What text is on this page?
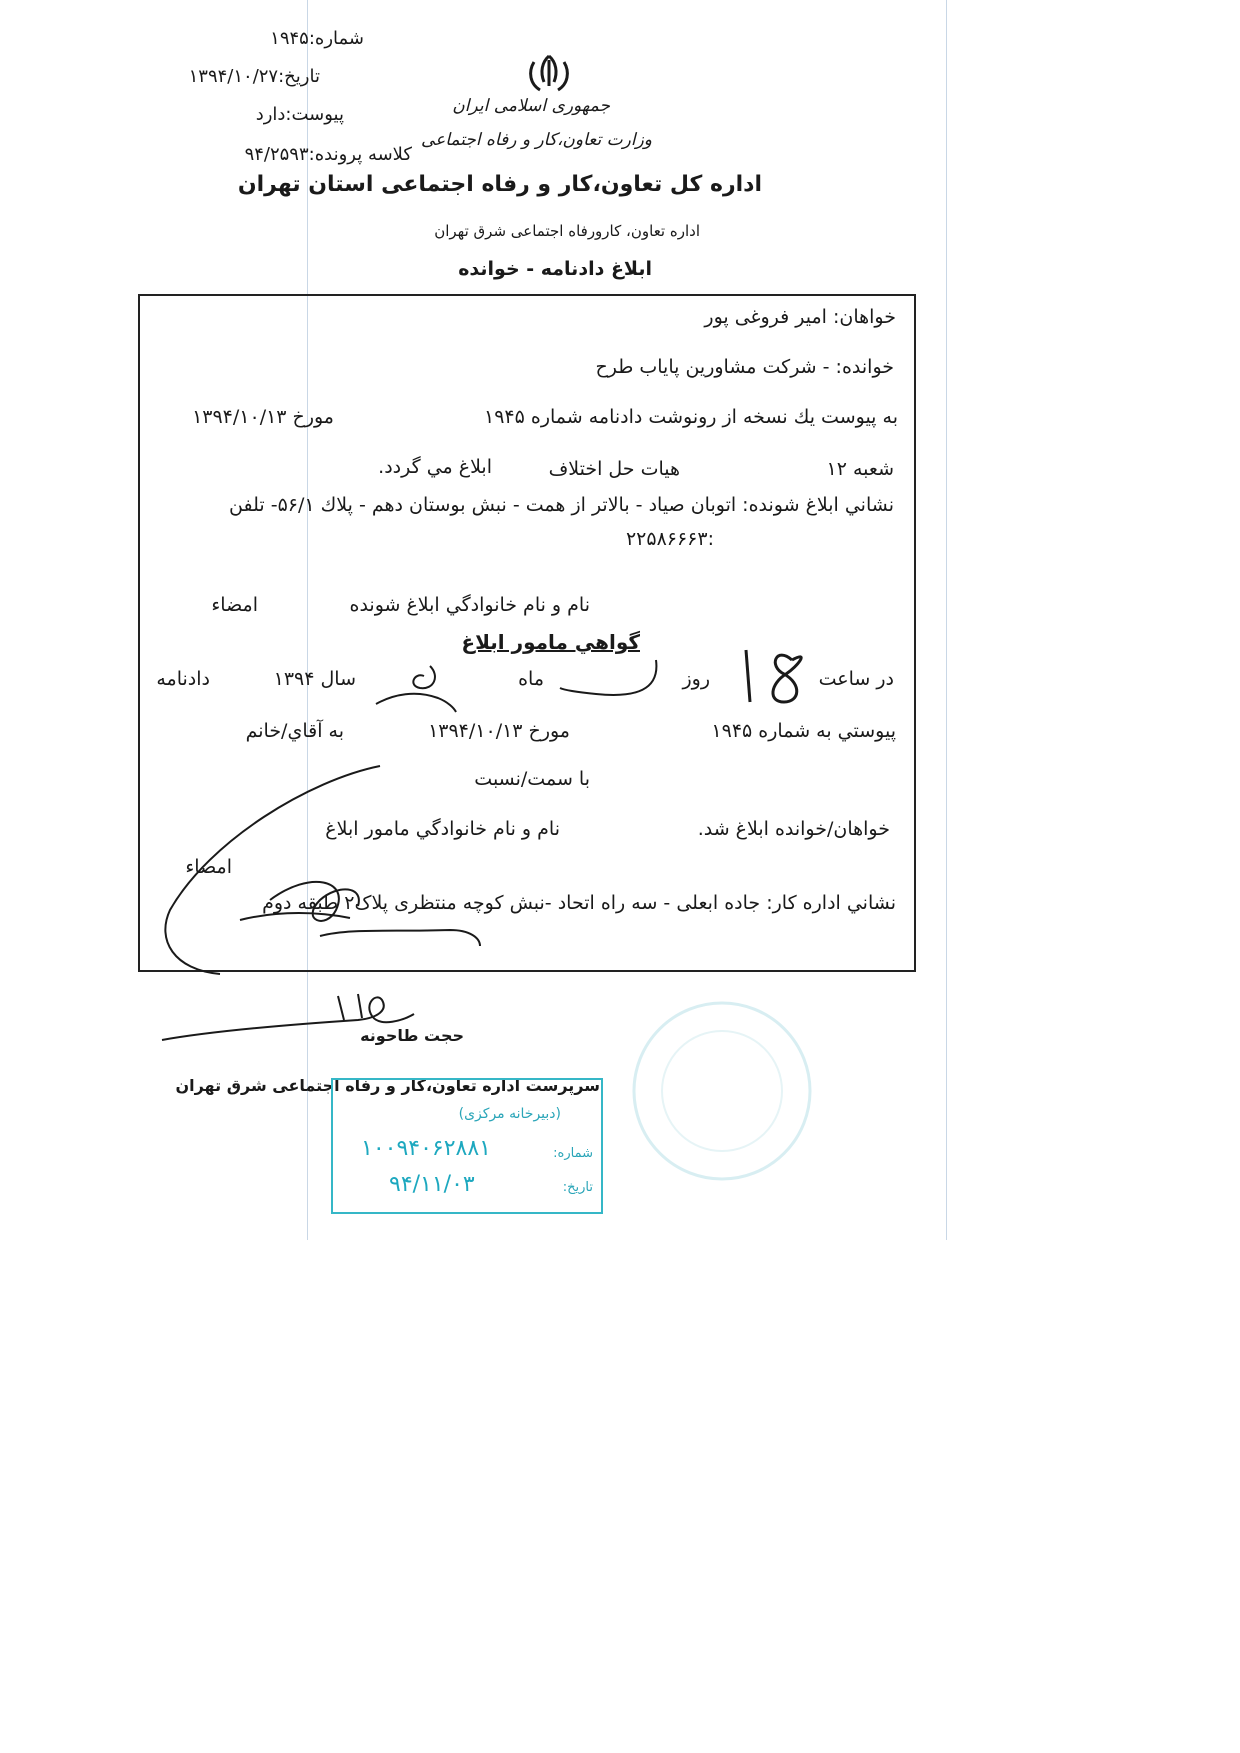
شماره:۱۹۴۵
تاریخ:۱۳۹۴/۱۰/۲۷
پیوست:دارد
کلاسه پرونده:۹۴/۲۵۹۳
جمهوری اسلامی ایران
وزارت تعاون،کار و رفاه اجتماعی
اداره کل تعاون،کار و رفاه اجتماعی استان تهران
اداره تعاون، کارورفاه اجتماعی شرق تهران
ابلاغ دادنامه - خوانده
خواهان: امیر فروغی پور
خوانده: - شرکت مشاورین پایاب طرح
به پیوست یك نسخه از رونوشت دادنامه شماره ۱۹۴۵
مورخ ۱۳۹۴/۱۰/۱۳
شعبه ۱۲
هیات حل اختلاف
ابلاغ مي گردد.
نشاني ابلاغ شونده: اتوبان صیاد - بالاتر از همت - نبش بوستان دهم - پلاك ۵۶/۱- تلفن
:۲۲۵۸۶۶۶۳
نام و نام خانوادگي ابلاغ شونده
امضاء
گواهي مامور ابلاغ
در ساعت
روز
ماه
سال ۱۳۹۴
دادنامه
پیوستي به شماره ۱۹۴۵
مورخ ۱۳۹۴/۱۰/۱۳
به آقاي/خانم
با سمت/نسبت
خواهان/خوانده ابلاغ شد.
نام و نام خانوادگي مامور ابلاغ
امضاء
نشاني اداره كار: جاده ابعلی - سه راه اتحاد -نبش کوچه منتظری پلاک۲ طبقه دوم
حجت طاحونه
سرپرست اداره تعاون،کار و رفاه اجتماعی شرق تهران
(دبیرخانه مرکزی)
شماره:
۱۰۰۹۴۰۶۲۸۸۱
تاریخ:
۹۴/۱۱/۰۳
